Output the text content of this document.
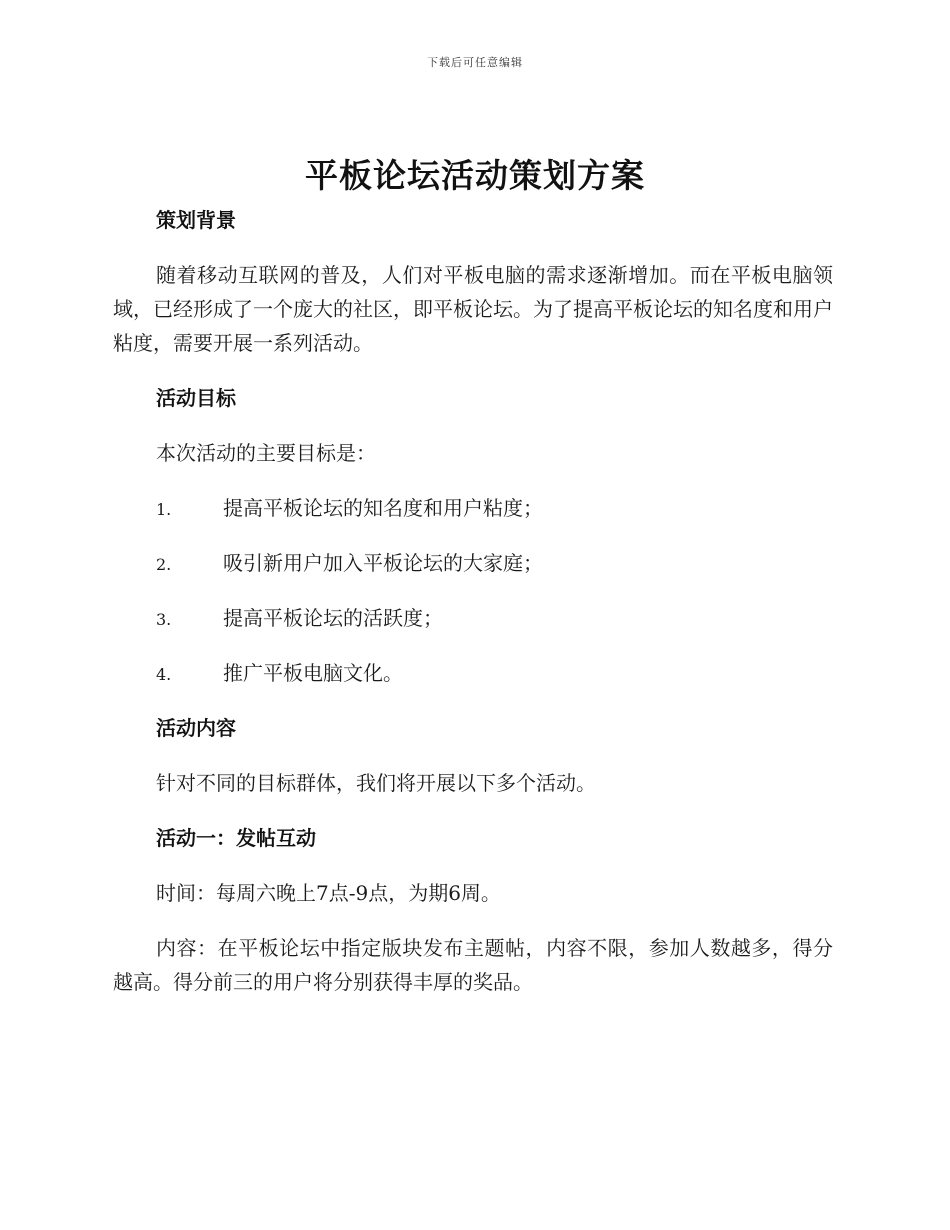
下载后可任意编辑
平板论坛活动策划方案
策划背景

随着移动互联网的普及，人们对平板电脑的需求逐渐增加。而在平板电脑领域，已经形成了一个庞大的社区，即平板论坛。为了提高平板论坛的知名度和用户粘度，需要开展一系列活动。

活动目标

本次活动的主要目标是：

1.	提高平板论坛的知名度和用户粘度；
2.	吸引新用户加入平板论坛的大家庭；
3.	提高平板论坛的活跃度；
4.	推广平板电脑文化。
活动内容

针对不同的目标群体，我们将开展以下多个活动。

活动一：发帖互动

时间：每周六晚上7点-9点，为期6周。

内容：在平板论坛中指定版块发布主题帖，内容不限，参加人数越多，得分越高。得分前三的用户将分别获得丰厚的奖品。
